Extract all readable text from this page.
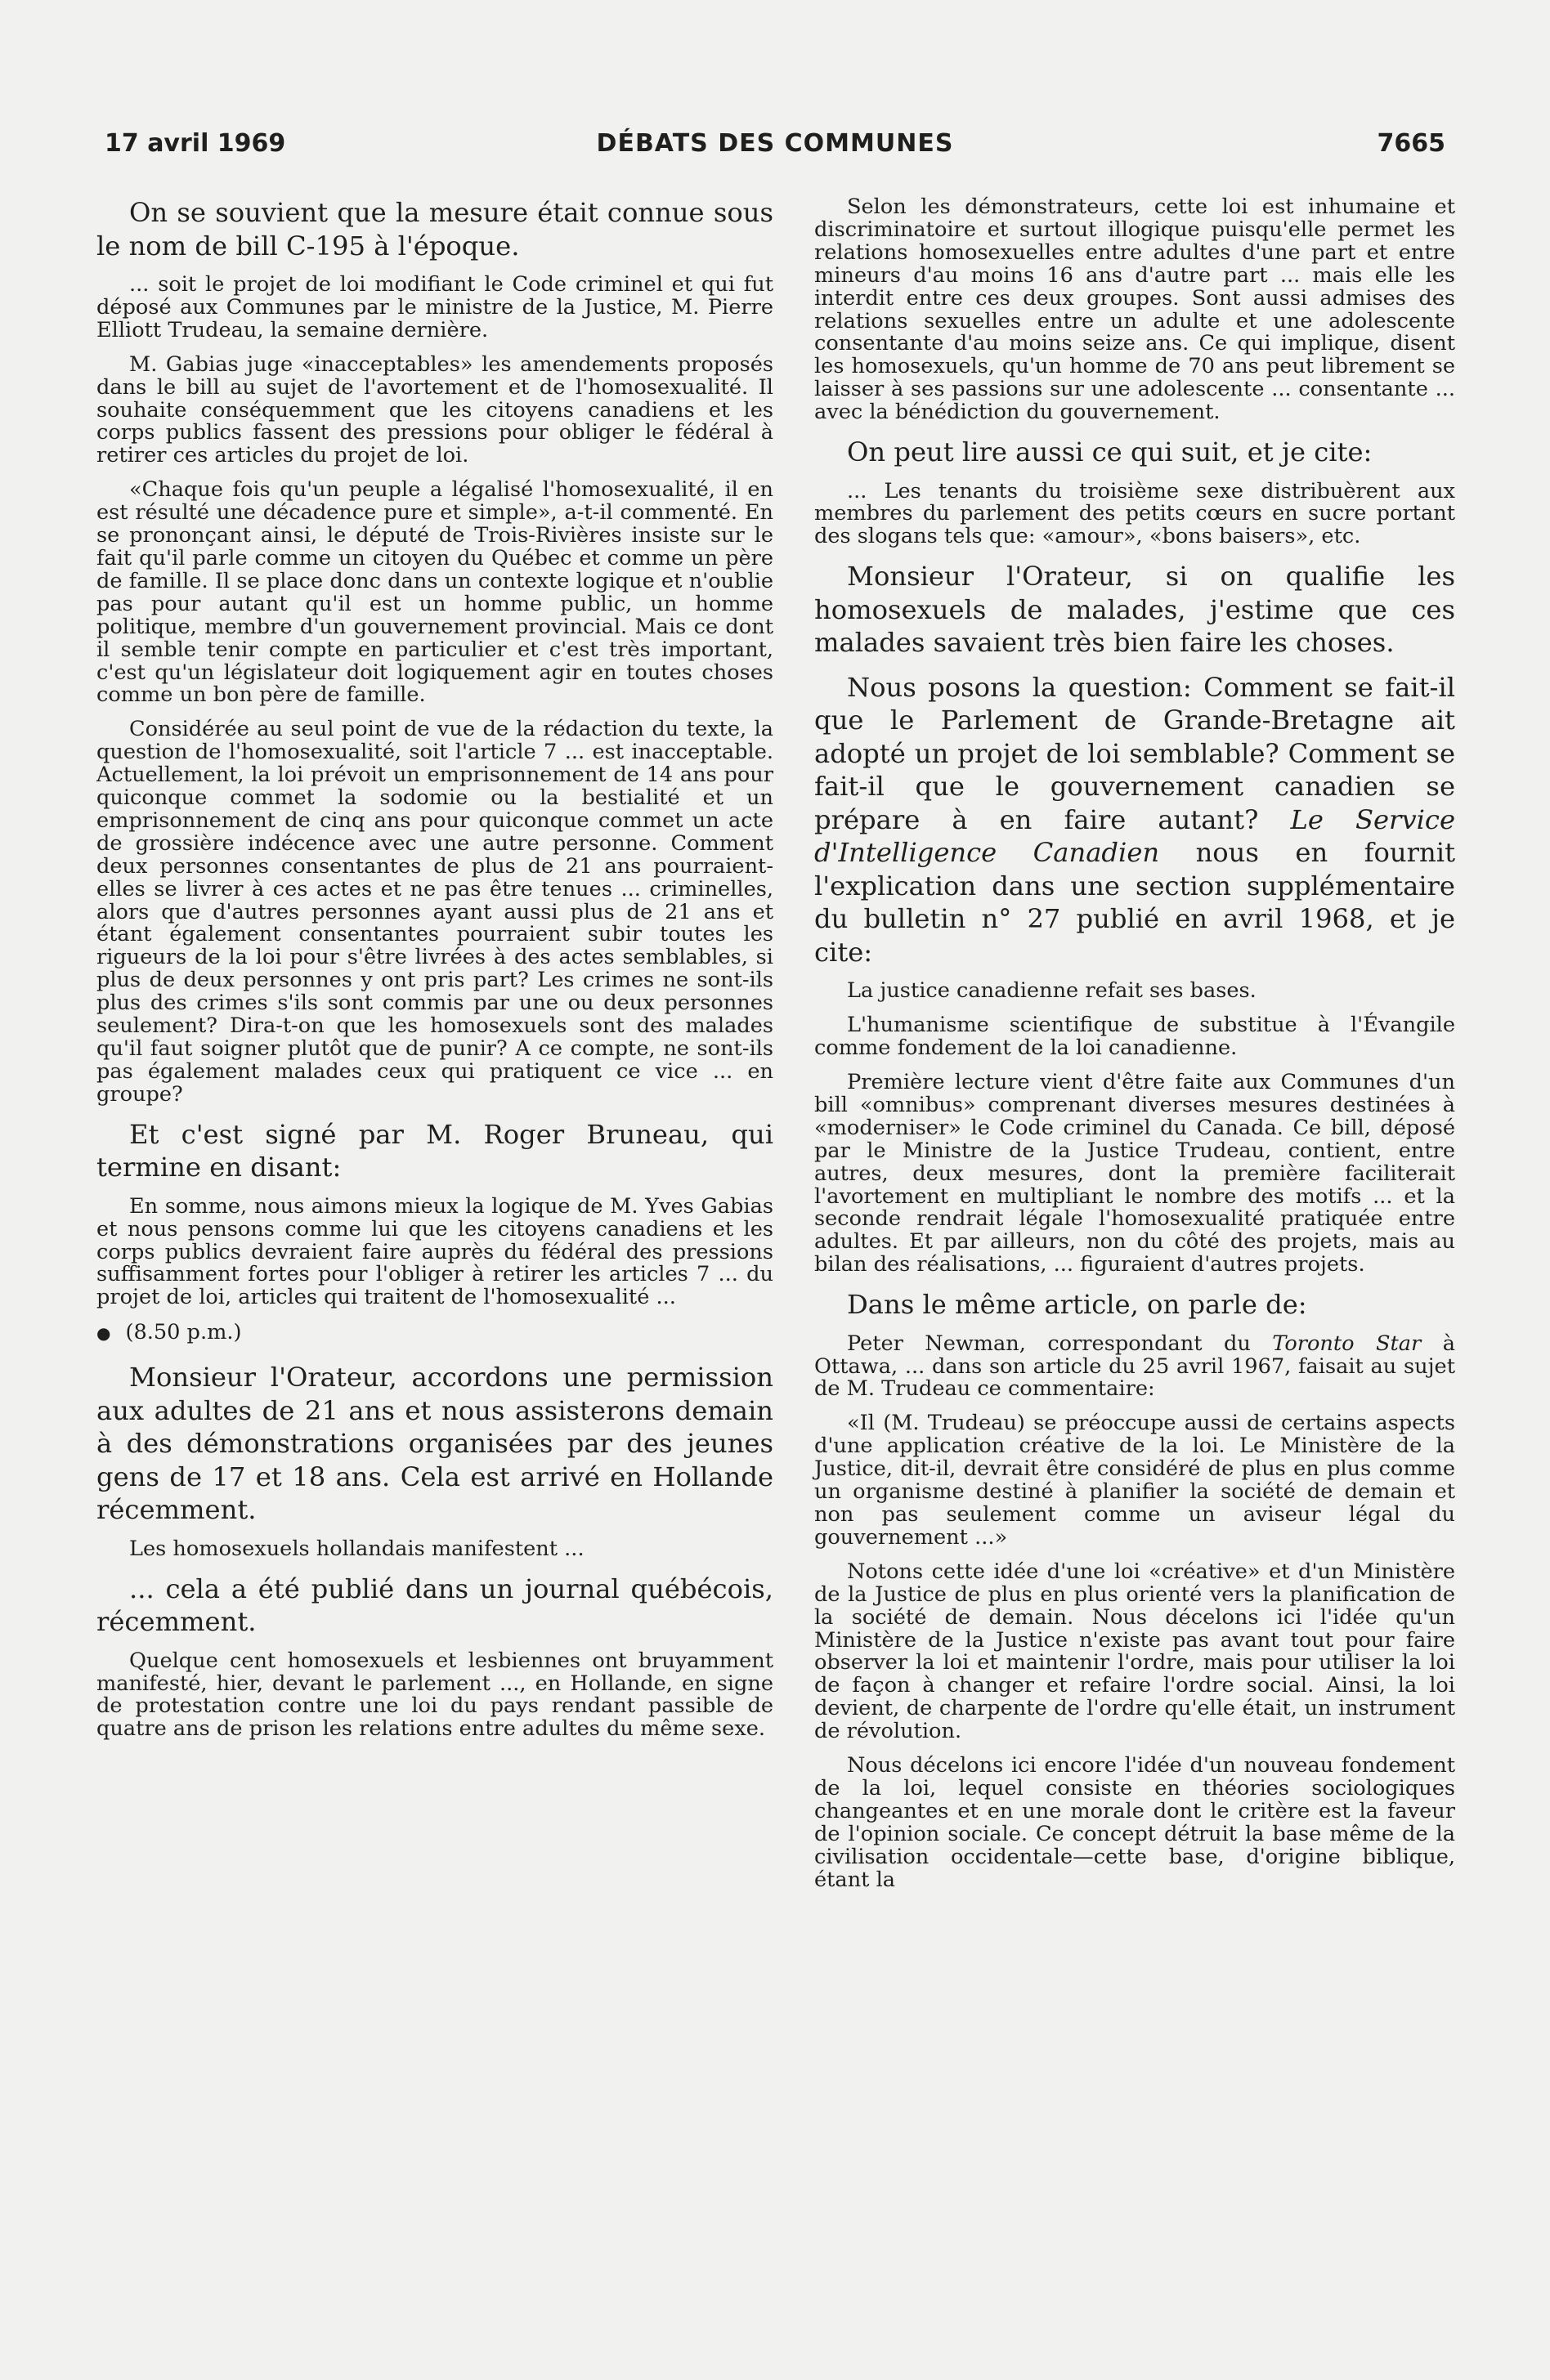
17 avril 1969	DÉBATS DES COMMUNES	7665

On se souvient que la mesure était connue sous le nom de bill C-195 à l'époque.

... soit le projet de loi modifiant le Code criminel et qui fut déposé aux Communes par le ministre de la Justice, M. Pierre Elliott Trudeau, la semaine dernière.

M. Gabias juge «inacceptables» les amendements proposés dans le bill au sujet de l'avortement et de l'homosexualité. Il souhaite conséquemment que les citoyens canadiens et les corps publics fassent des pressions pour obliger le fédéral à retirer ces articles du projet de loi.

«Chaque fois qu'un peuple a légalisé l'homosexualité, il en est résulté une décadence pure et simple», a-t-il commenté. En se prononçant ainsi, le député de Trois-Rivières insiste sur le fait qu'il parle comme un citoyen du Québec et comme un père de famille. Il se place donc dans un contexte logique et n'oublie pas pour autant qu'il est un homme public, un homme politique, membre d'un gouvernement provincial. Mais ce dont il semble tenir compte en particulier et c'est très important, c'est qu'un législateur doit logiquement agir en toutes choses comme un bon père de famille.

Considérée au seul point de vue de la rédaction du texte, la question de l'homosexualité, soit l'article 7 ... est inacceptable. Actuellement, la loi prévoit un emprisonnement de 14 ans pour quiconque commet la sodomie ou la bestialité et un emprisonnement de cinq ans pour quiconque commet un acte de grossière indécence avec une autre personne. Comment deux personnes consentantes de plus de 21 ans pourraient-elles se livrer à ces actes et ne pas être tenues ... criminelles, alors que d'autres personnes ayant aussi plus de 21 ans et étant également consentantes pourraient subir toutes les rigueurs de la loi pour s'être livrées à des actes semblables, si plus de deux personnes y ont pris part? Les crimes ne sont-ils plus des crimes s'ils sont commis par une ou deux personnes seulement? Dira-t-on que les homosexuels sont des malades qu'il faut soigner plutôt que de punir? A ce compte, ne sont-ils pas également malades ceux qui pratiquent ce vice ... en groupe?

Et c'est signé par M. Roger Bruneau, qui termine en disant:

En somme, nous aimons mieux la logique de M. Yves Gabias et nous pensons comme lui que les citoyens canadiens et les corps publics devraient faire auprès du fédéral des pressions suffisamment fortes pour l'obliger à retirer les articles 7 ... du projet de loi, articles qui traitent de l'homosexualité ...

● (8.50 p.m.)

Monsieur l'Orateur, accordons une permission aux adultes de 21 ans et nous assisterons demain à des démonstrations organisées par des jeunes gens de 17 et 18 ans. Cela est arrivé en Hollande récemment.

Les homosexuels hollandais manifestent ...

... cela a été publié dans un journal québécois, récemment.

Quelque cent homosexuels et lesbiennes ont bruyamment manifesté, hier, devant le parlement ..., en Hollande, en signe de protestation contre une loi du pays rendant passible de quatre ans de prison les relations entre adultes du même sexe.

Selon les démonstrateurs, cette loi est inhumaine et discriminatoire et surtout illogique puisqu'elle permet les relations homosexuelles entre adultes d'une part et entre mineurs d'au moins 16 ans d'autre part ... mais elle les interdit entre ces deux groupes. Sont aussi admises des relations sexuelles entre un adulte et une adolescente consentante d'au moins seize ans. Ce qui implique, disent les homosexuels, qu'un homme de 70 ans peut librement se laisser à ses passions sur une adolescente ... consentante ... avec la bénédiction du gouvernement.

On peut lire aussi ce qui suit, et je cite:

... Les tenants du troisième sexe distribuèrent aux membres du parlement des petits cœurs en sucre portant des slogans tels que: «amour», «bons baisers», etc.

Monsieur l'Orateur, si on qualifie les homosexuels de malades, j'estime que ces malades savaient très bien faire les choses.

Nous posons la question: Comment se fait-il que le Parlement de Grande-Bretagne ait adopté un projet de loi semblable? Comment se fait-il que le gouvernement canadien se prépare à en faire autant? Le Service d'Intelligence Canadien nous en fournit l'explication dans une section supplémentaire du bulletin n° 27 publié en avril 1968, et je cite:

La justice canadienne refait ses bases.

L'humanisme scientifique de substitue à l'Évangile comme fondement de la loi canadienne.

Première lecture vient d'être faite aux Communes d'un bill «omnibus» comprenant diverses mesures destinées à «moderniser» le Code criminel du Canada. Ce bill, déposé par le Ministre de la Justice Trudeau, contient, entre autres, deux mesures, dont la première faciliterait l'avortement en multipliant le nombre des motifs ... et la seconde rendrait légale l'homosexualité pratiquée entre adultes. Et par ailleurs, non du côté des projets, mais au bilan des réalisations, ... figuraient d'autres projets.

Dans le même article, on parle de:

Peter Newman, correspondant du Toronto Star à Ottawa, ... dans son article du 25 avril 1967, faisait au sujet de M. Trudeau ce commentaire:

«Il (M. Trudeau) se préoccupe aussi de certains aspects d'une application créative de la loi. Le Ministère de la Justice, dit-il, devrait être considéré de plus en plus comme un organisme destiné à planifier la société de demain et non pas seulement comme un aviseur légal du gouvernement ...»

Notons cette idée d'une loi «créative» et d'un Ministère de la Justice de plus en plus orienté vers la planification de la société de demain. Nous décelons ici l'idée qu'un Ministère de la Justice n'existe pas avant tout pour faire observer la loi et maintenir l'ordre, mais pour utiliser la loi de façon à changer et refaire l'ordre social. Ainsi, la loi devient, de charpente de l'ordre qu'elle était, un instrument de révolution.

Nous décelons ici encore l'idée d'un nouveau fondement de la loi, lequel consiste en théories sociologiques changeantes et en une morale dont le critère est la faveur de l'opinion sociale. Ce concept détruit la base même de la civilisation occidentale—cette base, d'origine biblique, étant la
